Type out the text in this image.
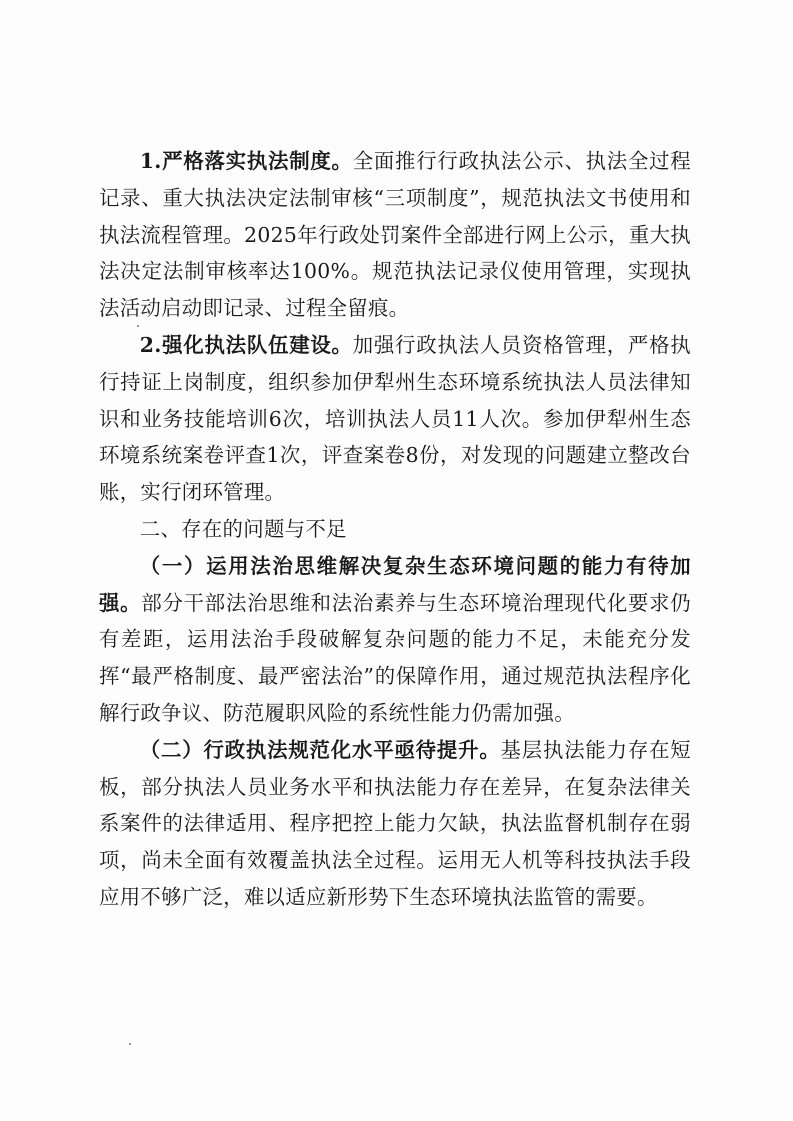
1.严格落实执法制度。全面推行行政执法公示、执法全过程记录、重大执法决定法制审核“三项制度”，规范执法文书使用和执法流程管理。2025年行政处罚案件全部进行网上公示，重大执法决定法制审核率达100%。规范执法记录仪使用管理，实现执法活动启动即记录、过程全留痕。

2.强化执法队伍建设。加强行政执法人员资格管理，严格执行持证上岗制度，组织参加伊犁州生态环境系统执法人员法律知识和业务技能培训6次，培训执法人员11人次。参加伊犁州生态环境系统案卷评查1次，评查案卷8份，对发现的问题建立整改台账，实行闭环管理。

二、存在的问题与不足

（一）运用法治思维解决复杂生态环境问题的能力有待加强。部分干部法治思维和法治素养与生态环境治理现代化要求仍有差距，运用法治手段破解复杂问题的能力不足，未能充分发挥“最严格制度、最严密法治”的保障作用，通过规范执法程序化解行政争议、防范履职风险的系统性能力仍需加强。

（二）行政执法规范化水平亟待提升。基层执法能力存在短板，部分执法人员业务水平和执法能力存在差异，在复杂法律关系案件的法律适用、程序把控上能力欠缺，执法监督机制存在弱项，尚未全面有效覆盖执法全过程。运用无人机等科技执法手段应用不够广泛，难以适应新形势下生态环境执法监管的需要。
